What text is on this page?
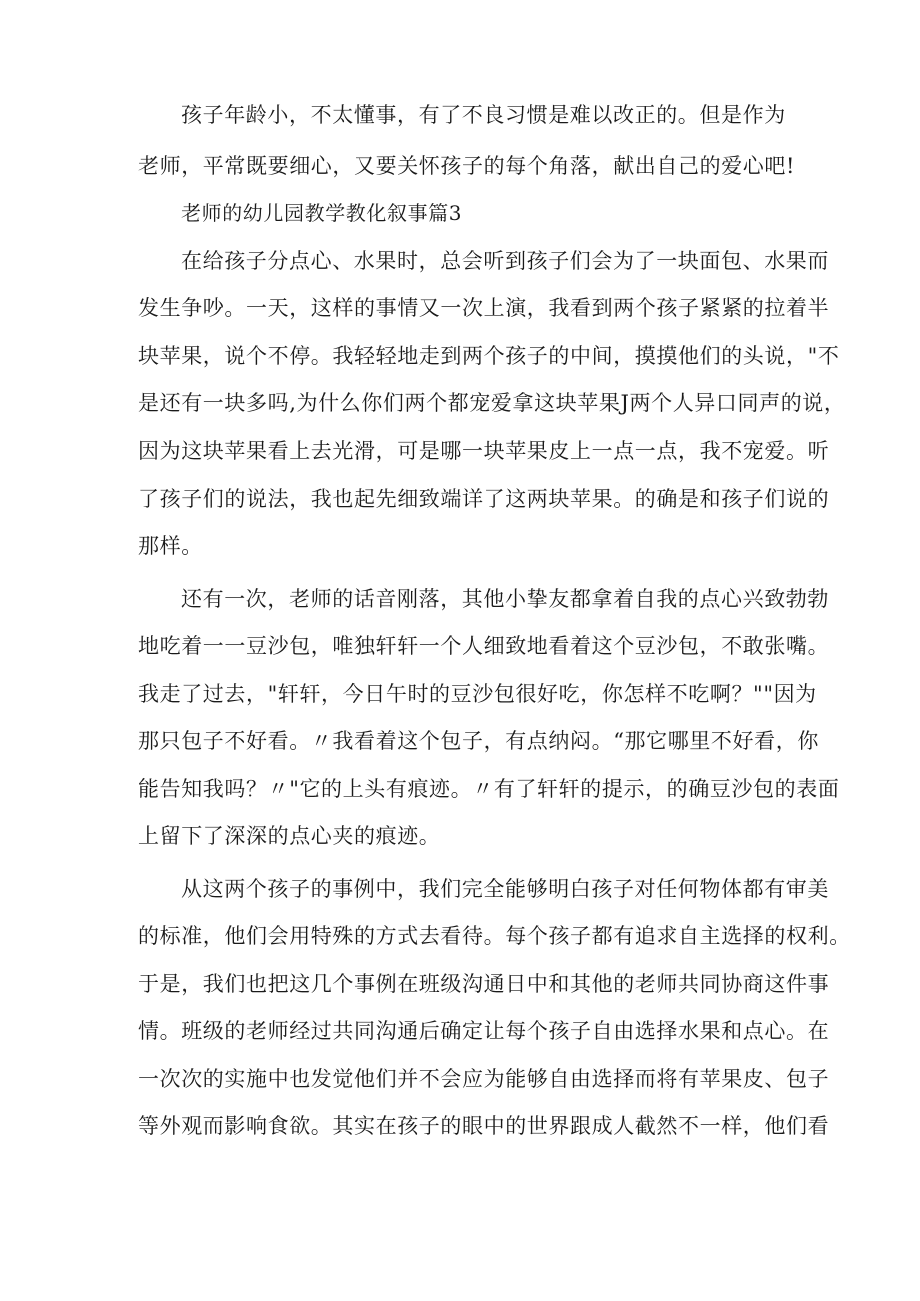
孩子年龄小，不太懂事，有了不良习惯是难以改正的。但是作为
老师，平常既要细心，又要关怀孩子的每个角落，献出自己的爱心吧!
老师的幼儿园教学教化叙事篇3
在给孩子分点心、水果时，总会听到孩子们会为了一块面包、水果而
发生争吵。一天，这样的事情又一次上演，我看到两个孩子紧紧的拉着半
块苹果，说个不停。我轻轻地走到两个孩子的中间，摸摸他们的头说，"不
是还有一块多吗,为什么你们两个都宠爱拿这块苹果J两个人异口同声的说，
因为这块苹果看上去光滑，可是哪一块苹果皮上一点一点，我不宠爱。听
了孩子们的说法，我也起先细致端详了这两块苹果。的确是和孩子们说的
那样。
还有一次，老师的话音刚落，其他小挚友都拿着自我的点心兴致勃勃
地吃着一一豆沙包，唯独轩轩一个人细致地看着这个豆沙包，不敢张嘴。
我走了过去，"轩轩，今日午时的豆沙包很好吃，你怎样不吃啊？""因为
那只包子不好看。〃我看着这个包子，有点纳闷。“那它哪里不好看，你
能告知我吗？〃"它的上头有痕迹。〃有了轩轩的提示，的确豆沙包的表面
上留下了深深的点心夹的痕迹。
从这两个孩子的事例中，我们完全能够明白孩子对任何物体都有审美
的标准，他们会用特殊的方式去看待。每个孩子都有追求自主选择的权利。
于是，我们也把这几个事例在班级沟通日中和其他的老师共同协商这件事
情。班级的老师经过共同沟通后确定让每个孩子自由选择水果和点心。在
一次次的实施中也发觉他们并不会应为能够自由选择而将有苹果皮、包子
等外观而影响食欲。其实在孩子的眼中的世界跟成人截然不一样，他们看
